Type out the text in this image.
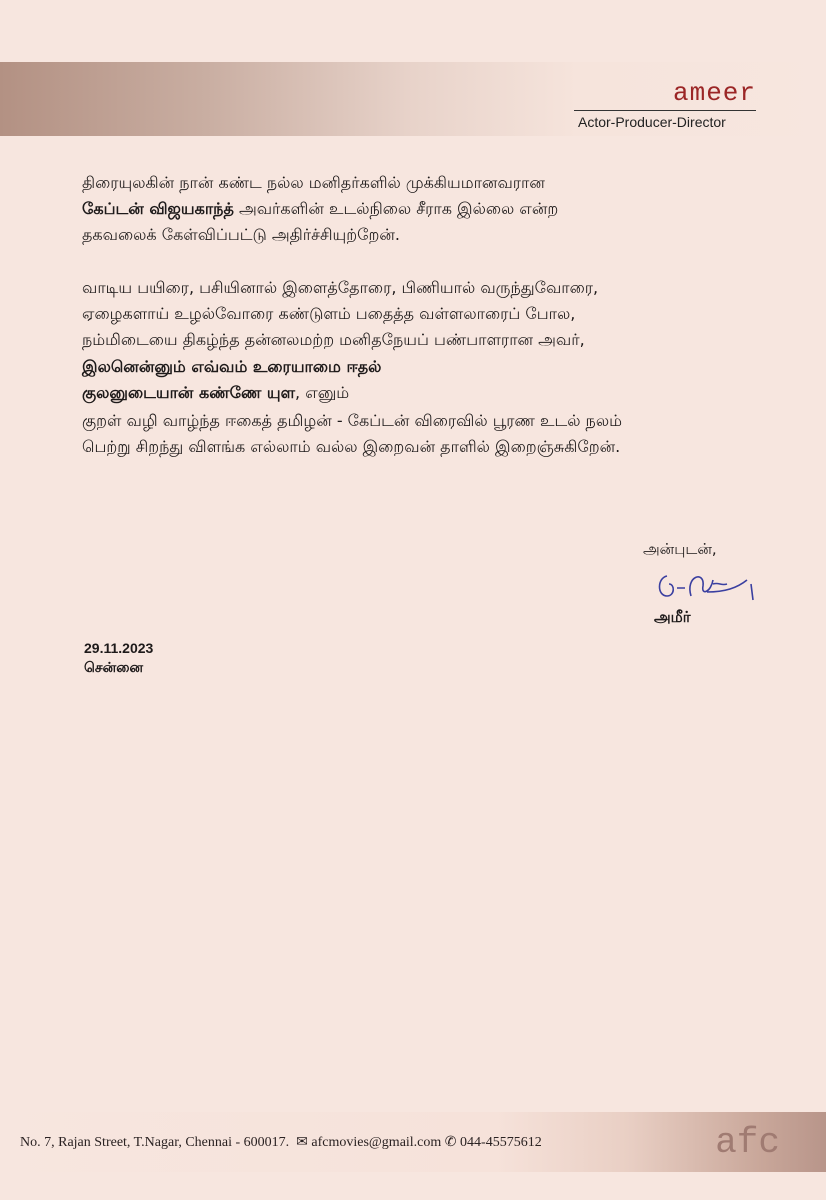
ameer
Actor-Producer-Director
திரையுலகின் நான் கண்ட நல்ல மனிதர்களில் முக்கியமானவரான
கேப்டன் விஜயகாந்த் அவர்களின் உடல்நிலை சீராக இல்லை என்ற
தகவலைக் கேள்விப்பட்டு அதிர்ச்சியுற்றேன்.
வாடிய பயிரை, பசியினால் இளைத்தோரை, பிணியால் வருந்துவோரை,
ஏழைகளாய் உழல்வோரை கண்டுளம் பதைத்த வள்ளலாரைப் போல,
நம்மிடையை திகழ்ந்த தன்னலமற்ற மனிதநேயப் பண்பாளரான அவர்,
இலனென்னும் எவ்வம் உரையாமை ஈதல்
குலனுடையான் கண்ணே யுள, எனும்
குறள் வழி வாழ்ந்த ஈகைத் தமிழன் - கேப்டன் விரைவில் பூரண உடல் நலம்
பெற்று சிறந்து விளங்க எல்லாம் வல்ல இறைவன் தாளில் இறைஞ்சுகிறேன்.
அன்புடன்,
அமீர்
29.11.2023
சென்னை
No. 7, Rajan Street, T.Nagar, Chennai - 600017. ✉ afcmovies@gmail.com ✆ 044-45575612	afc
